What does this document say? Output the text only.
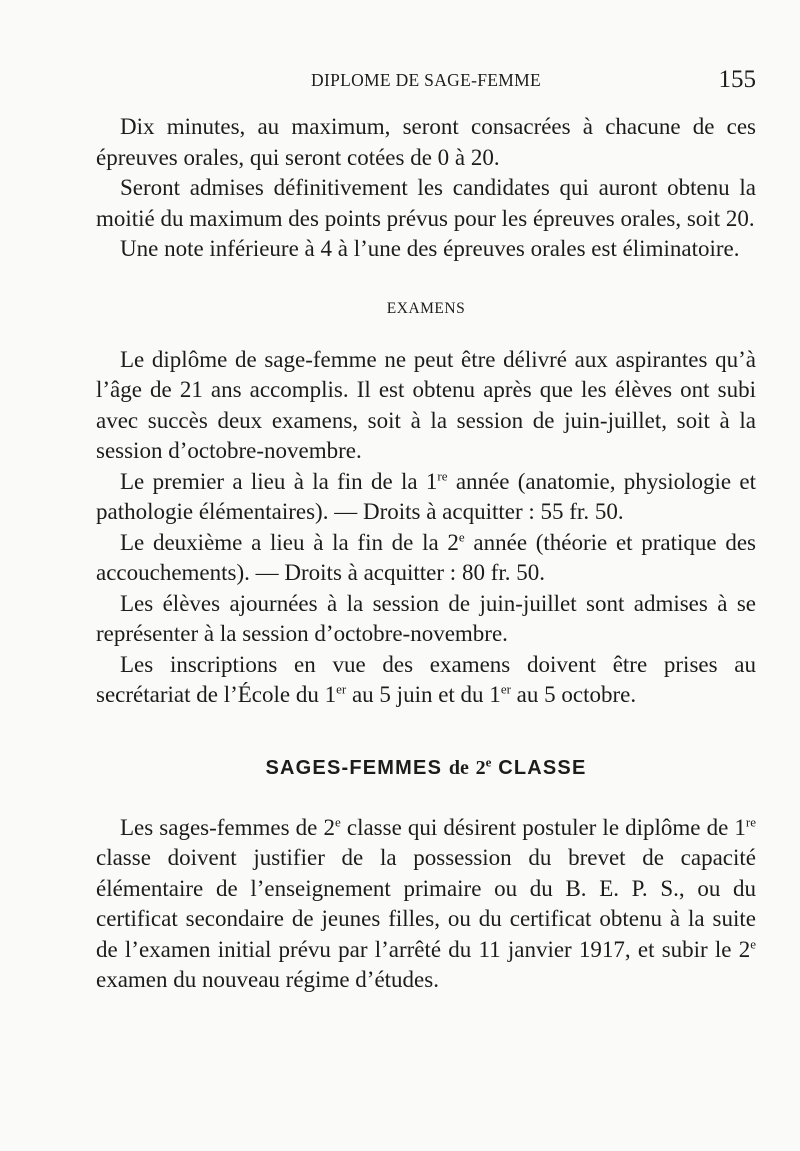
DIPLOME DE SAGE-FEMME	155

Dix minutes, au maximum, seront consacrées à chacune de ces épreuves orales, qui seront cotées de 0 à 20.

Seront admises définitivement les candidates qui auront obtenu la moitié du maximum des points prévus pour les épreuves orales, soit 20.

Une note inférieure à 4 à l’une des épreuves orales est éliminatoire.

EXAMENS

Le diplôme de sage-femme ne peut être délivré aux aspirantes qu’à l’âge de 21 ans accomplis. Il est obtenu après que les élèves ont subi avec succès deux examens, soit à la session de juin-juillet, soit à la session d’octobre-novembre.

Le premier a lieu à la fin de la 1re année (anatomie, physiologie et pathologie élémentaires). — Droits à acquitter : 55 fr. 50.

Le deuxième a lieu à la fin de la 2e année (théorie et pratique des accouchements). — Droits à acquitter : 80 fr. 50.

Les élèves ajournées à la session de juin-juillet sont admises à se représenter à la session d’octobre-novembre.

Les inscriptions en vue des examens doivent être prises au secrétariat de l’École du 1er au 5 juin et du 1er au 5 octobre.

SAGES-FEMMES de 2e CLASSE

Les sages-femmes de 2e classe qui désirent postuler le diplôme de 1re classe doivent justifier de la possession du brevet de capacité élémentaire de l’enseignement primaire ou du B. E. P. S., ou du certificat secondaire de jeunes filles, ou du certificat obtenu à la suite de l’examen initial prévu par l’arrêté du 11 janvier 1917, et subir le 2e examen du nouveau régime d’études.
